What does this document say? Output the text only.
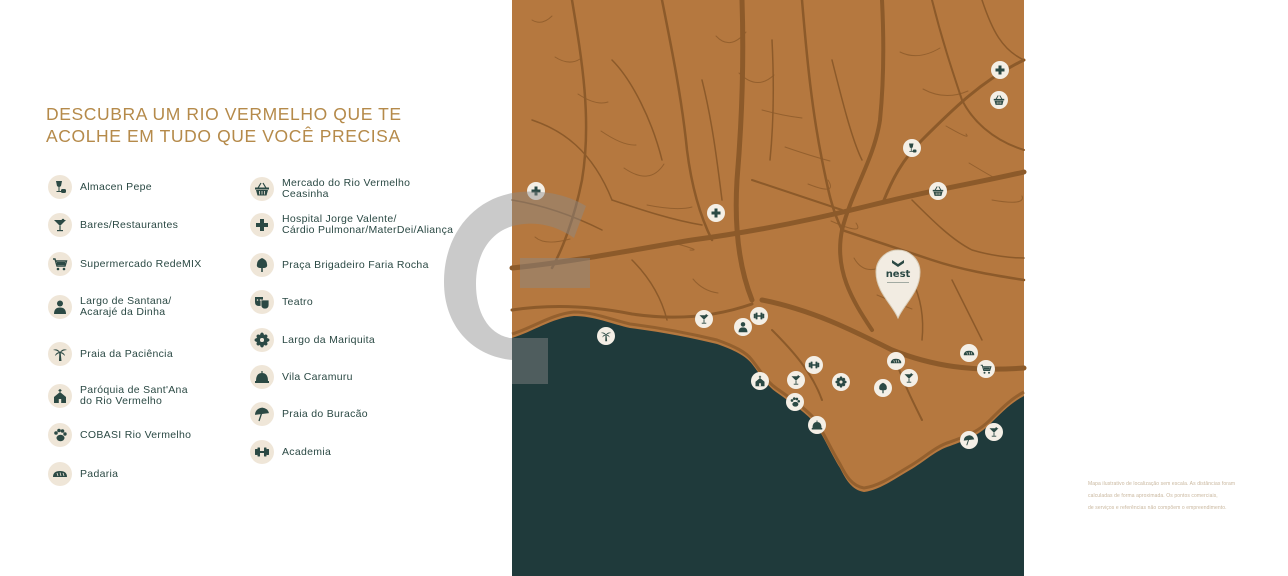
DESCUBRA UM RIO VERMELHO QUE TE
ACOLHE EM TUDO QUE VOCÊ PRECISA
Almacen Pepe
Bares/Restaurantes
Supermercado RedeMIX
Largo de Santana/
Acarajé da Dinha
Praia da Paciência
Paróquia de Sant'Ana
do Rio Vermelho
COBASI Rio Vermelho
Padaria
Mercado do Rio Vermelho
Ceasinha
Hospital Jorge Valente/
Cárdio Pulmonar/MaterDei/Aliança
Praça Brigadeiro Faria Rocha
Teatro
Largo da Mariquita
Vila Caramuru
Praia do Buracão
Academia
nest
Mapa ilustrativo de localização sem escala. As distâncias foram
calculadas de forma aproximada. Os pontos comerciais,
de serviços e referências não compõem o empreendimento.
